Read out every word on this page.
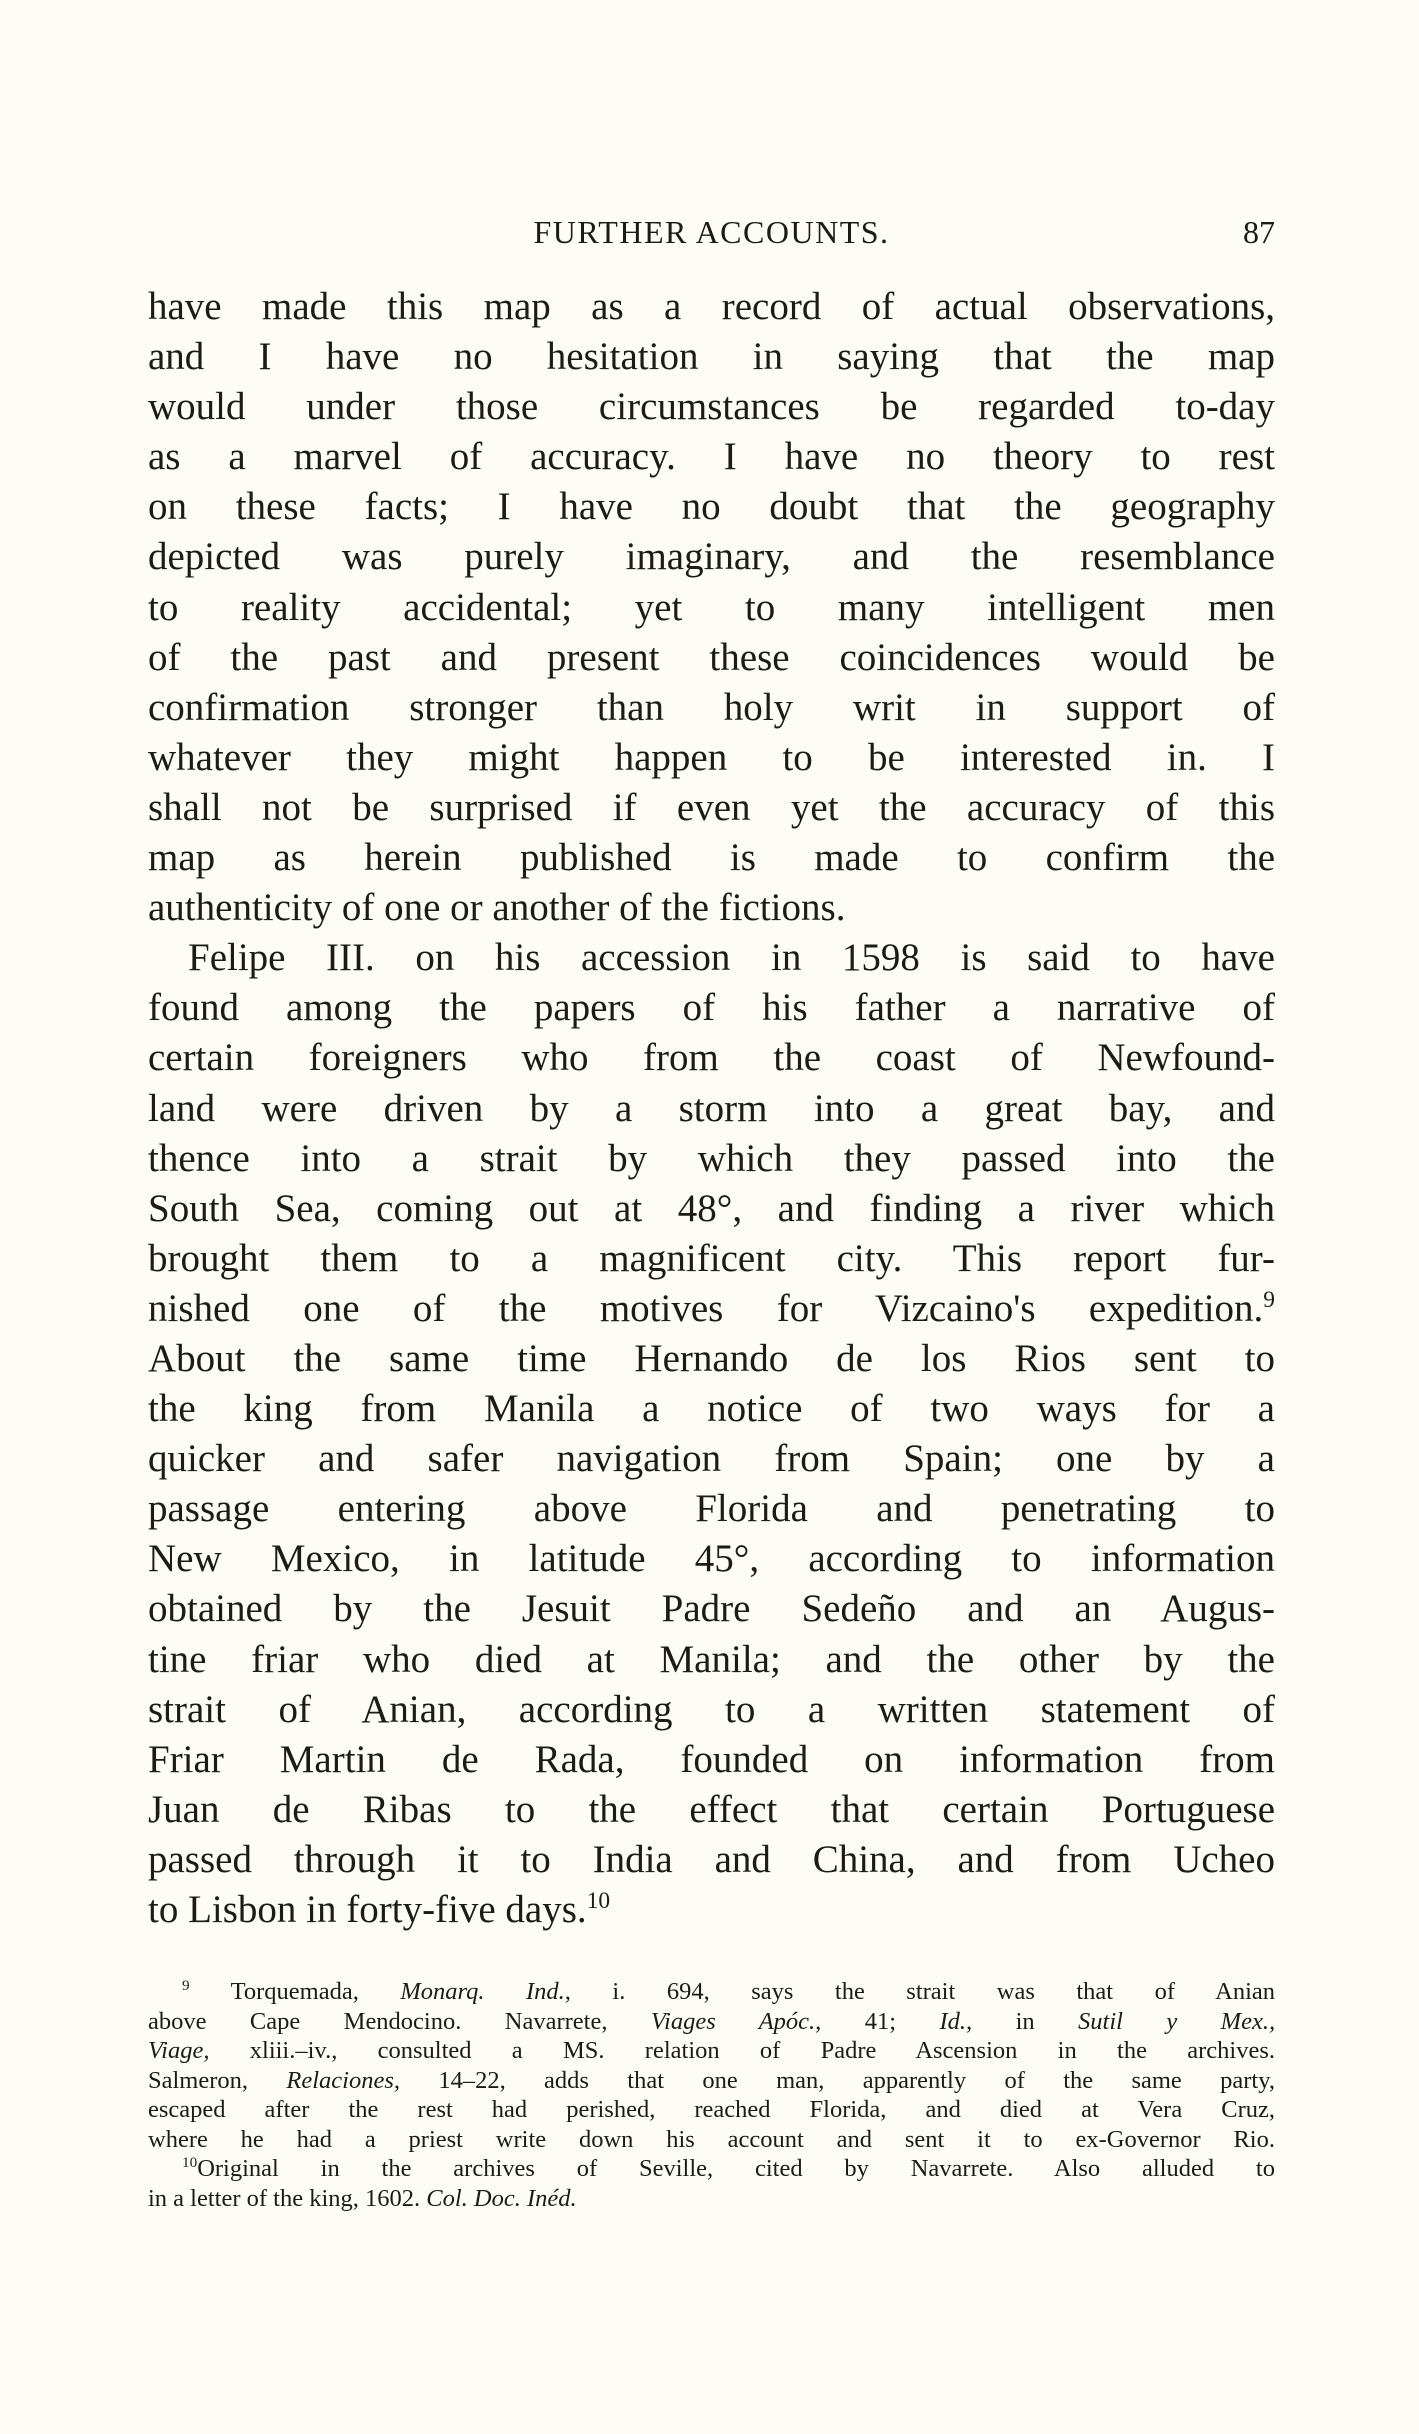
FURTHER ACCOUNTS.	87
have made this map as a record of actual observations,
and I have no hesitation in saying that the map
would under those circumstances be regarded to-day
as a marvel of accuracy. I have no theory to rest
on these facts; I have no doubt that the geography
depicted was purely imaginary, and the resemblance
to reality accidental; yet to many intelligent men
of the past and present these coincidences would be
confirmation stronger than holy writ in support of
whatever they might happen to be interested in. I
shall not be surprised if even yet the accuracy of this
map as herein published is made to confirm the
authenticity of one or another of the fictions.
Felipe III. on his accession in 1598 is said to have
found among the papers of his father a narrative of
certain foreigners who from the coast of Newfound-
land were driven by a storm into a great bay, and
thence into a strait by which they passed into the
South Sea, coming out at 48°, and finding a river which
brought them to a magnificent city. This report fur-
nished one of the motives for Vizcaino's expedition.$^9$
About the same time Hernando de los Rios sent to
the king from Manila a notice of two ways for a
quicker and safer navigation from Spain; one by a
passage entering above Florida and penetrating to
New Mexico, in latitude 45°, according to information
obtained by the Jesuit Padre Sedeño and an Augus-
tine friar who died at Manila; and the other by the
strait of Anian, according to a written statement of
Friar Martin de Rada, founded on information from
Juan de Ribas to the effect that certain Portuguese
passed through it to India and China, and from Ucheo
to Lisbon in forty-five days.$^{10}$
$^9$ Torquemada, Monarq. Ind., i. 694, says the strait was that of Anian
above Cape Mendocino. Navarrete, Viages Apóc., 41; Id., in Sutil y Mex.,
Viage, xliii.–iv., consulted a MS. relation of Padre Ascension in the archives.
Salmeron, Relaciones, 14–22, adds that one man, apparently of the same party,
escaped after the rest had perished, reached Florida, and died at Vera Cruz,
where he had a priest write down his account and sent it to ex-Governor Rio.
$^{10}$Original in the archives of Seville, cited by Navarrete. Also alluded to
in a letter of the king, 1602. Col. Doc. Inéd.
